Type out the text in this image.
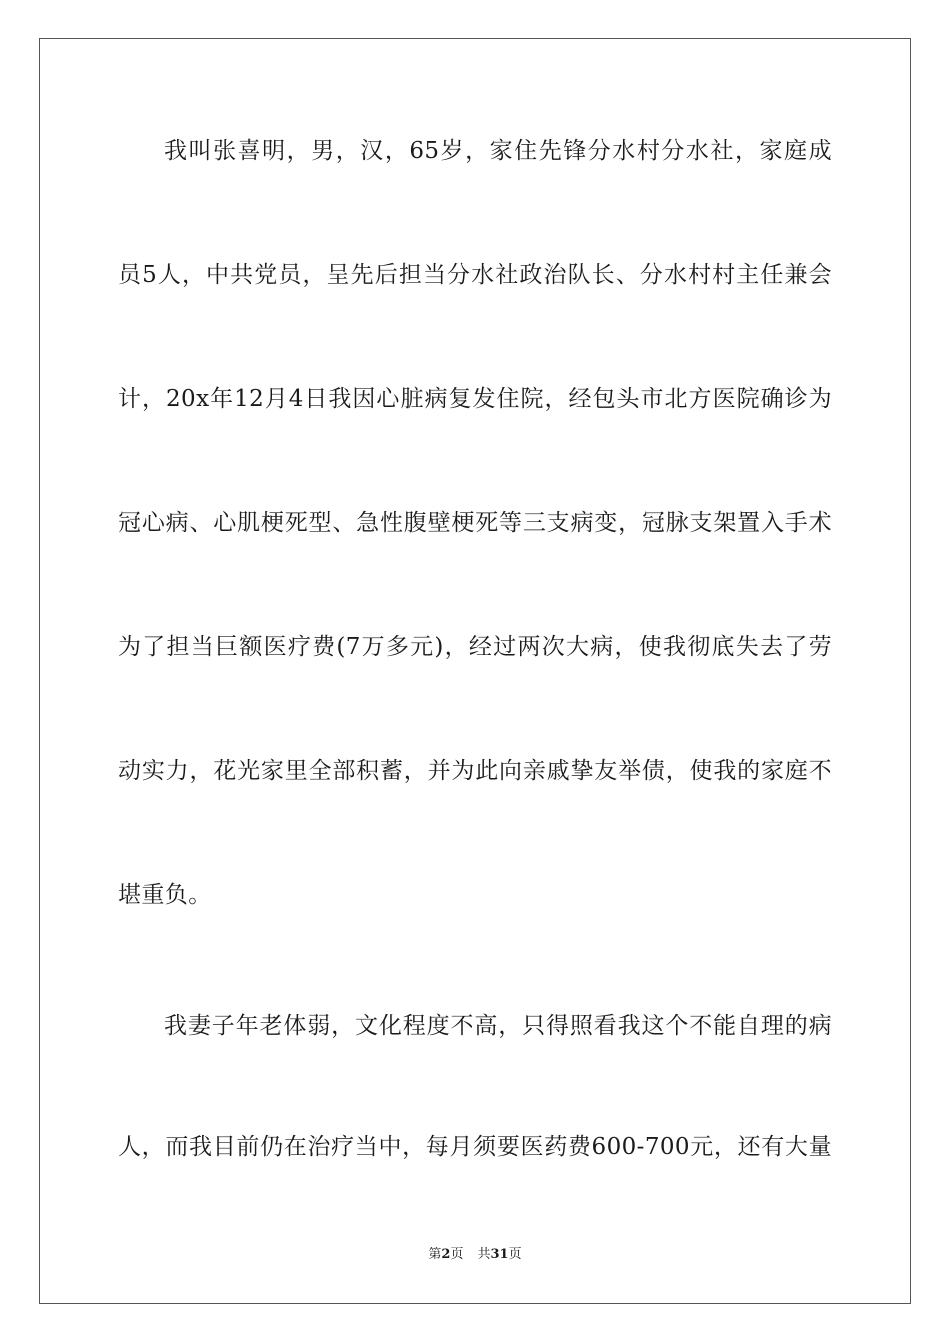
我叫张喜明，男，汉，65岁，家住先锋分水村分水社，家庭成
员5人，中共党员，呈先后担当分水社政治队长、分水村村主任兼会
计，20x年12月4日我因心脏病复发住院，经包头市北方医院确诊为
冠心病、心肌梗死型、急性腹壁梗死等三支病变，冠脉支架置入手术
为了担当巨额医疗费(7万多元)，经过两次大病，使我彻底失去了劳
动实力，花光家里全部积蓄，并为此向亲戚挚友举债，使我的家庭不
堪重负。
我妻子年老体弱，文化程度不高，只得照看我这个不能自理的病
人，而我目前仍在治疗当中，每月须要医药费600-700元，还有大量
第2页 共31页
